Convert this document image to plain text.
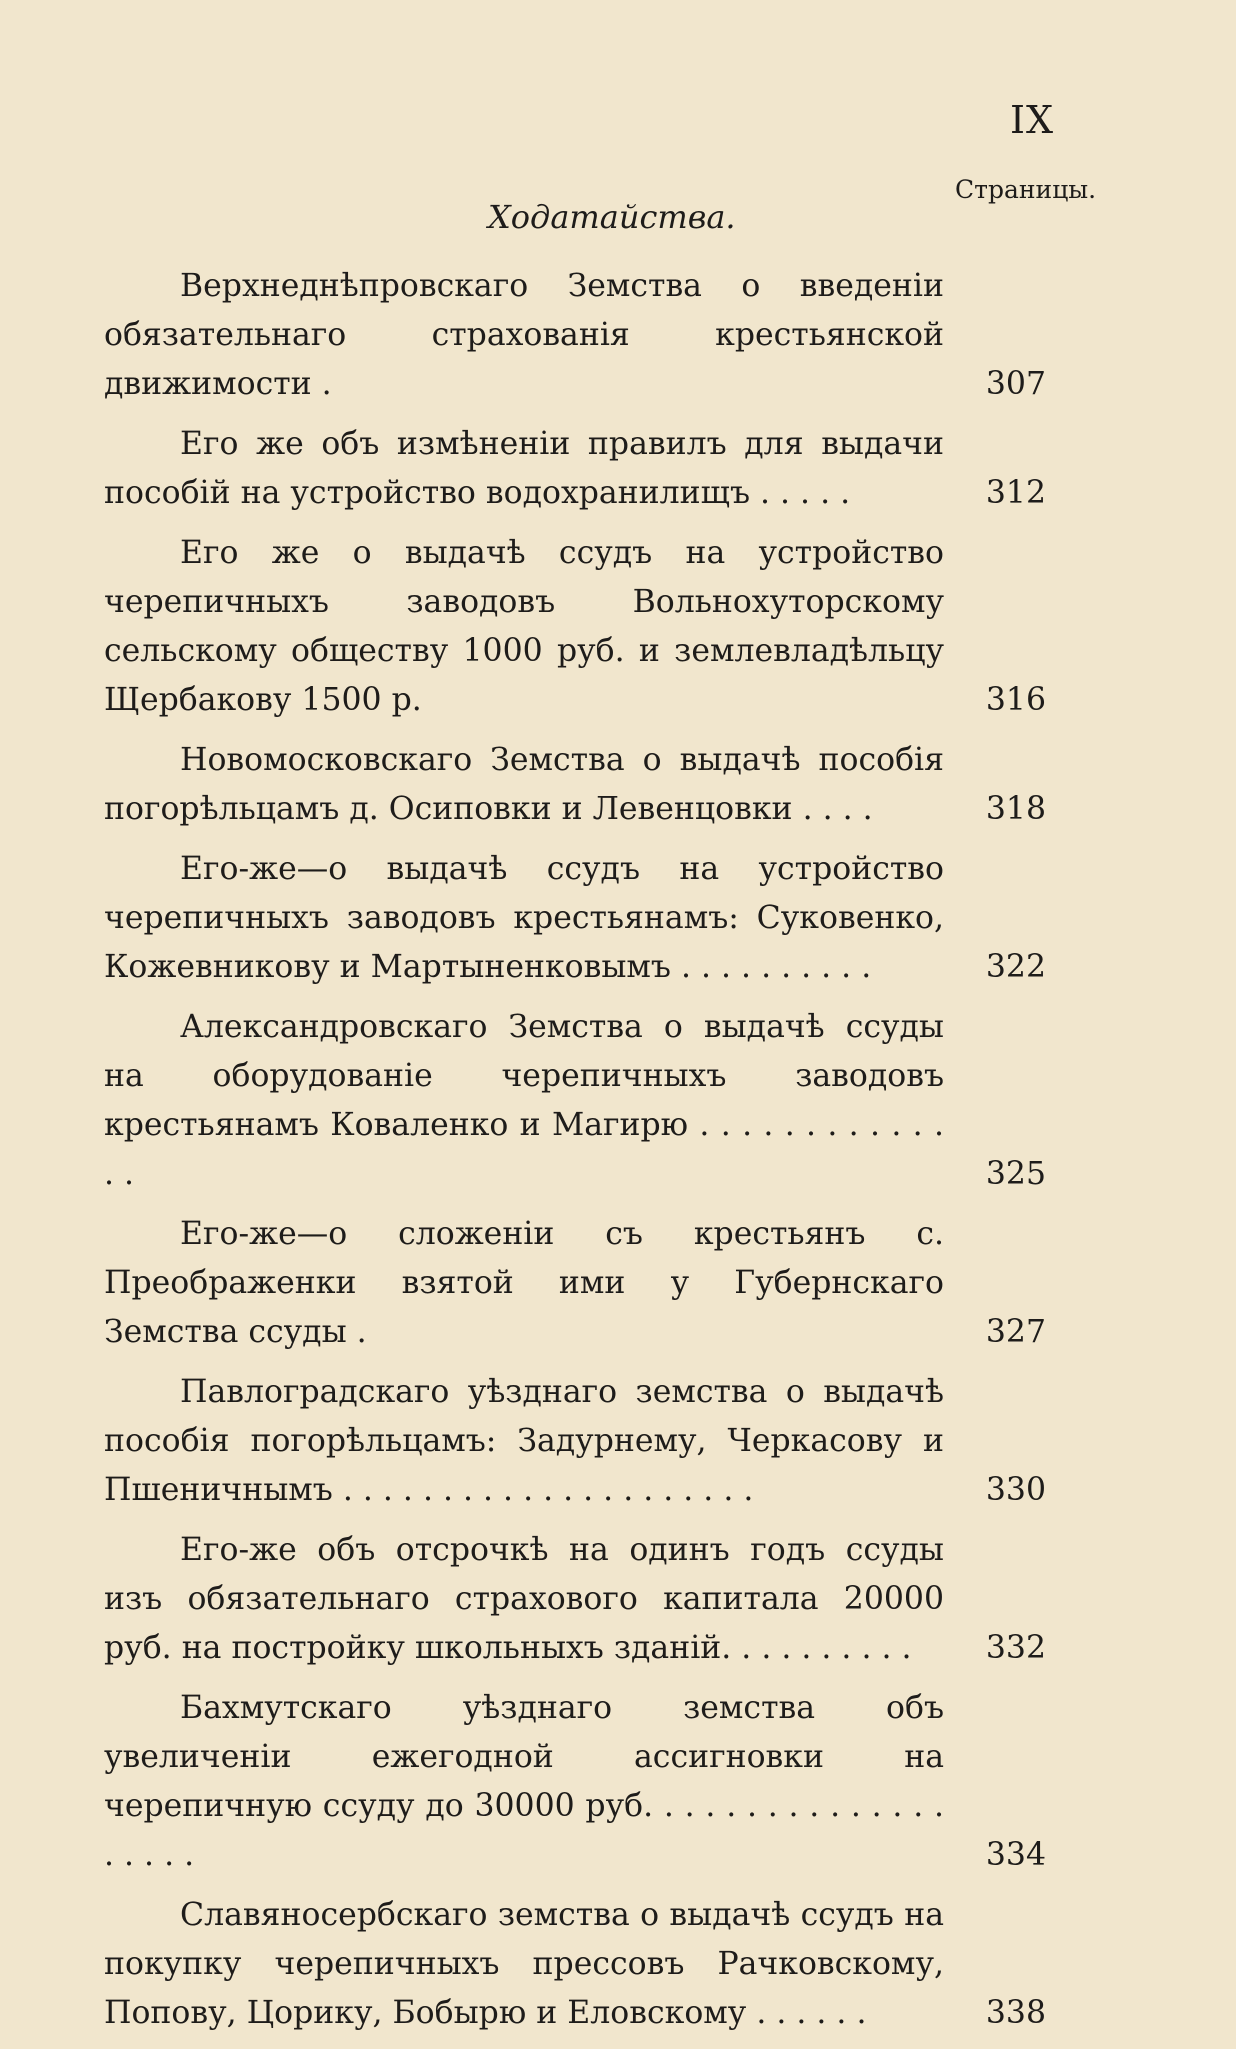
IX
Страницы.
Ходатайства.
Верхнеднѣпровскаго Земства о введеніи обязательнаго страхованія крестьянской движимости .	307
Его же объ измѣненіи правилъ для выдачи пособій на устройство водохранилищъ . . . . .	312
Его же о выдачѣ ссудъ на устройство черепичныхъ заводовъ Вольнохуторскому сельскому обществу 1000 руб. и землевладѣльцу Щербакову 1500 р.	316
Новомосковскаго Земства о выдачѣ пособія погорѣльцамъ д. Осиповки и Левенцовки . . . .	318
Его-же—о выдачѣ ссудъ на устройство черепичныхъ заводовъ крестьянамъ: Суковенко, Кожевникову и Мартыненковымъ . . . . . . . . . .	322
Александровскаго Земства о выдачѣ ссуды на оборудованіе черепичныхъ заводовъ крестьянамъ Коваленко и Магирю . . . . . . . . . . . . . .	325
Его-же—о сложеніи съ крестьянъ с. Преображенки взятой ими у Губернскаго Земства ссуды .	327
Павлоградскаго уѣзднаго земства о выдачѣ пособія погорѣльцамъ: Задурнему, Черкасову и Пшеничнымъ . . . . . . . . . . . . . . . . . . . . .	330
Его-же объ отсрочкѣ на одинъ годъ ссуды изъ обязательнаго страхового капитала 20000 руб. на постройку школьныхъ зданій. . . . . . . . . .	332
Бахмутскаго уѣзднаго земства объ увеличеніи ежегодной ассигновки на черепичную ссуду до 30000 руб. . . . . . . . . . . . . . . . . . . .	334
Славяносербскаго земства о выдачѣ ссудъ на покупку черепичныхъ прессовъ Рачковскому, Попову, Цорику, Бобырю и Еловскому . . . . . .	338
